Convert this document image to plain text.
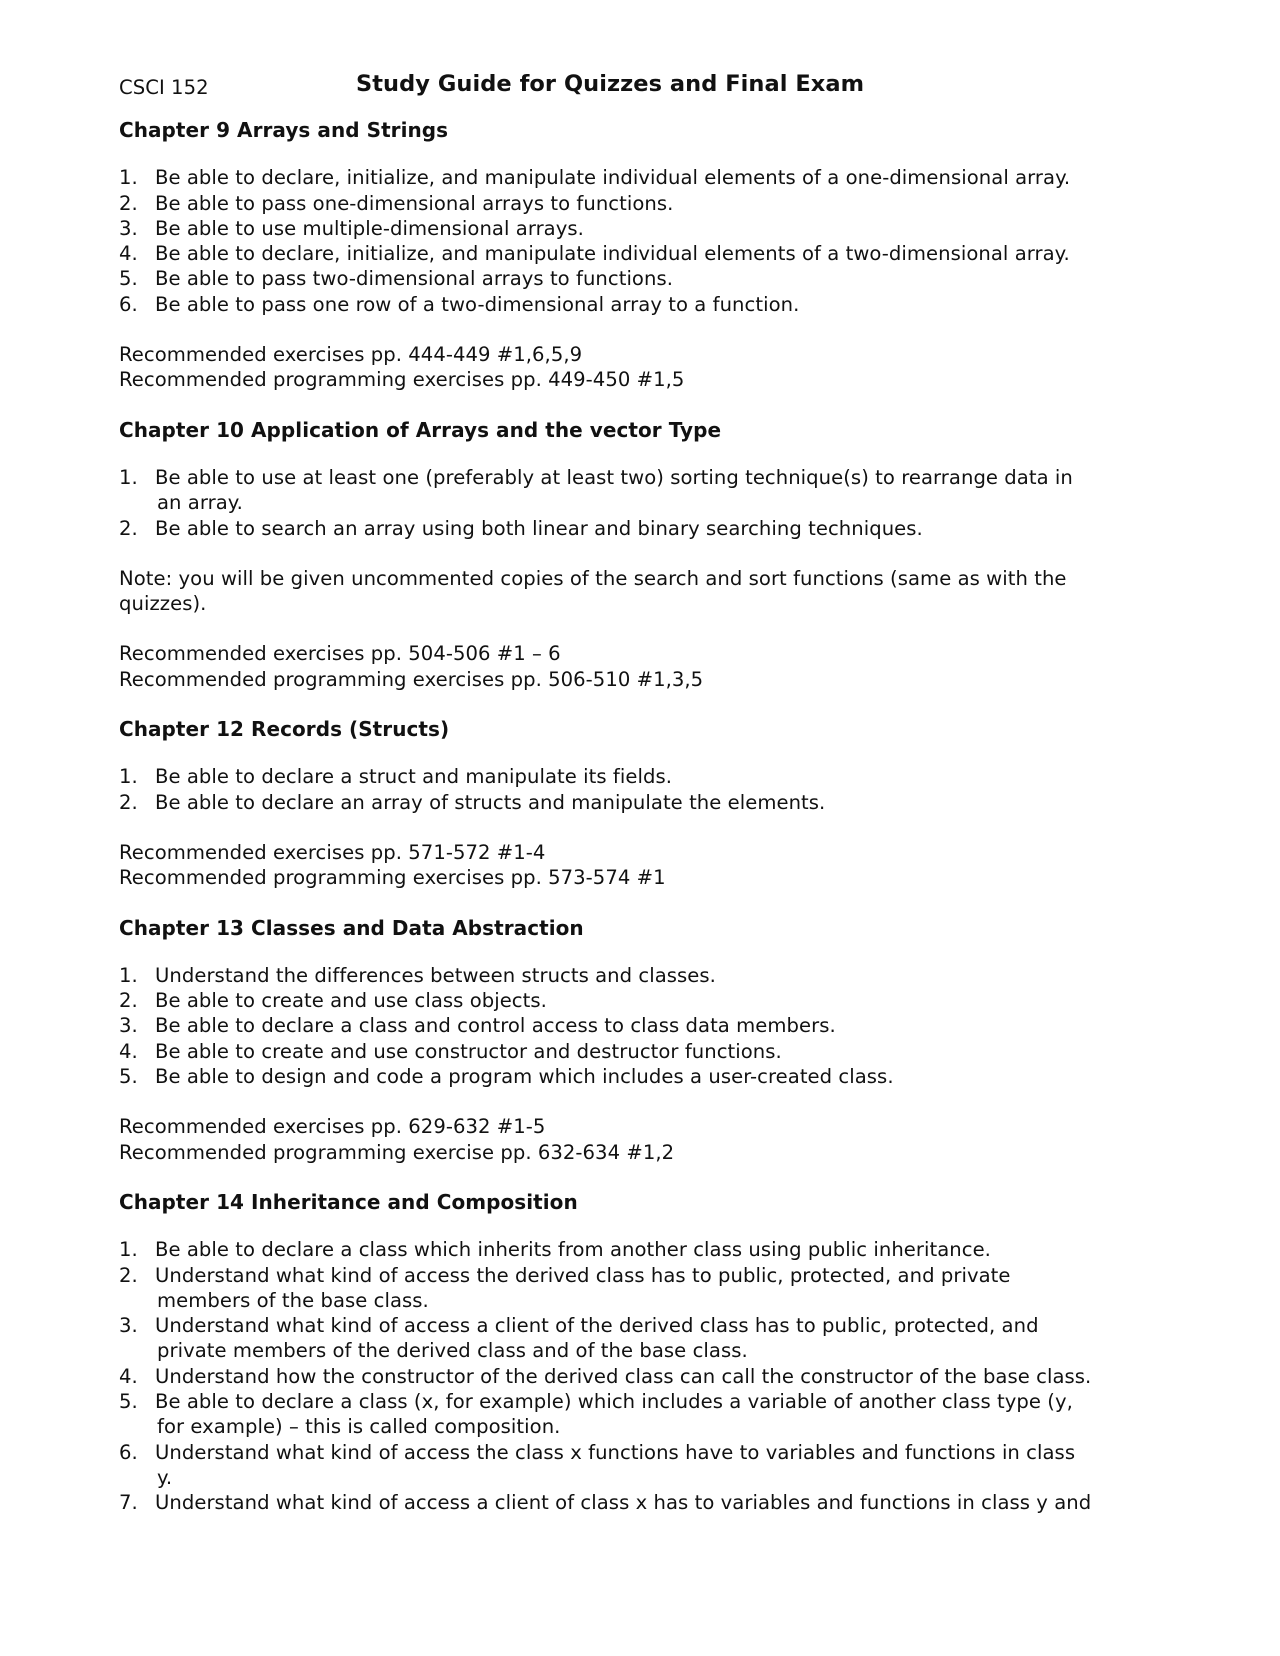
CSCI 152	Study Guide for Quizzes and Final Exam
Chapter 9 Arrays and Strings
1. Be able to declare, initialize, and manipulate individual elements of a one-dimensional array.
2. Be able to pass one-dimensional arrays to functions.
3. Be able to use multiple-dimensional arrays.
4. Be able to declare, initialize, and manipulate individual elements of a two-dimensional array.
5. Be able to pass two-dimensional arrays to functions.
6. Be able to pass one row of a two-dimensional array to a function.

Recommended exercises pp. 444-449 #1,6,5,9

Recommended programming exercises pp. 449-450 #1,5

Chapter 10 Application of Arrays and the vector Type
1. Be able to use at least one (preferably at least two) sorting technique(s) to rearrange data in
an array.
2. Be able to search an array using both linear and binary searching techniques.

Note: you will be given uncommented copies of the search and sort functions (same as with the

quizzes).

Recommended exercises pp. 504-506 #1 – 6

Recommended programming exercises pp. 506-510 #1,3,5

Chapter 12 Records (Structs)
1. Be able to declare a struct and manipulate its fields.
2. Be able to declare an array of structs and manipulate the elements.

Recommended exercises pp. 571-572 #1-4

Recommended programming exercises pp. 573-574 #1

Chapter 13 Classes and Data Abstraction
1. Understand the differences between structs and classes.
2. Be able to create and use class objects.
3. Be able to declare a class and control access to class data members.
4. Be able to create and use constructor and destructor functions.
5. Be able to design and code a program which includes a user-created class.

Recommended exercises pp. 629-632 #1-5

Recommended programming exercise pp. 632-634 #1,2

Chapter 14 Inheritance and Composition
1. Be able to declare a class which inherits from another class using public inheritance.
2. Understand what kind of access the derived class has to public, protected, and private
members of the base class.
3. Understand what kind of access a client of the derived class has to public, protected, and
private members of the derived class and of the base class.
4. Understand how the constructor of the derived class can call the constructor of the base class.
5. Be able to declare a class (x, for example) which includes a variable of another class type (y,
for example) – this is called composition.
6. Understand what kind of access the class x functions have to variables and functions in class
y.
7. Understand what kind of access a client of class x has to variables and functions in class y and
